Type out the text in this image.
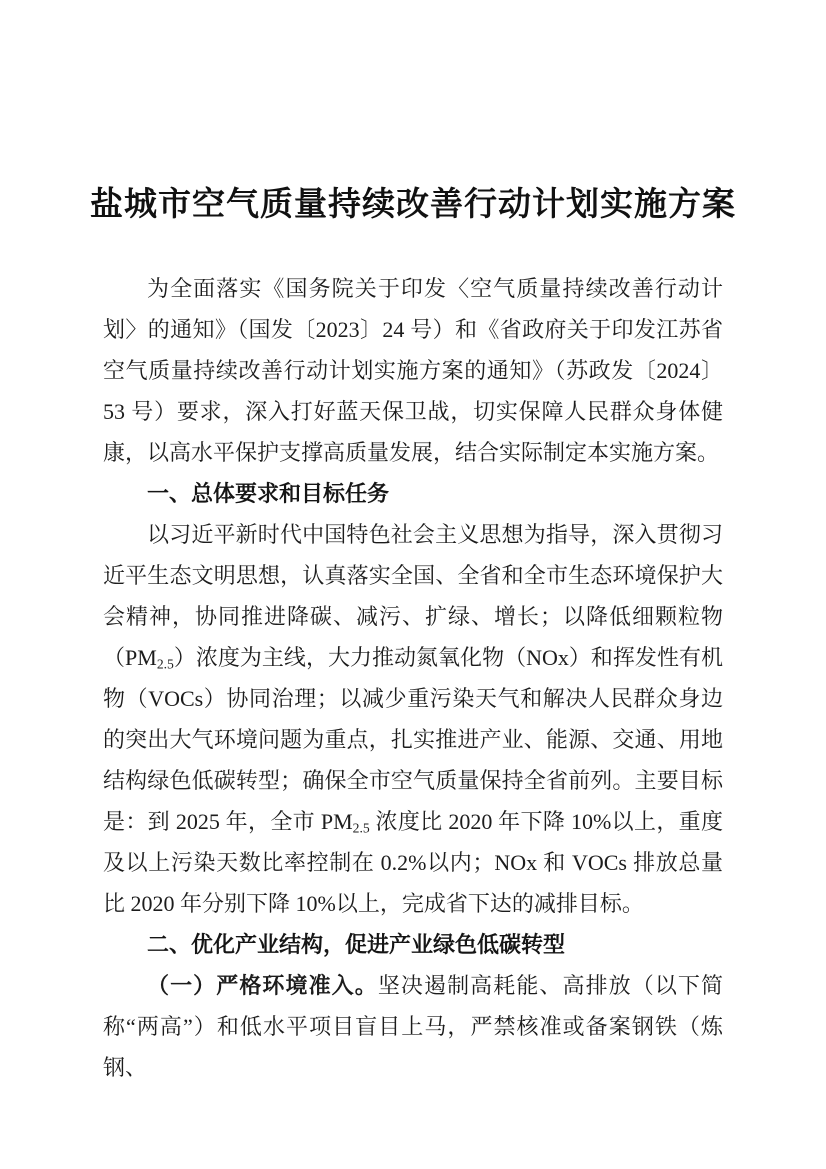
盐城市空气质量持续改善行动计划实施方案

为全面落实《国务院关于印发〈空气质量持续改善行动计划〉的通知》（国发〔2023〕24 号）和《省政府关于印发江苏省空气质量持续改善行动计划实施方案的通知》（苏政发〔2024〕53 号）要求，深入打好蓝天保卫战，切实保障人民群众身体健康，以高水平保护支撑高质量发展，结合实际制定本实施方案。

一、总体要求和目标任务

以习近平新时代中国特色社会主义思想为指导，深入贯彻习近平生态文明思想，认真落实全国、全省和全市生态环境保护大会精神，协同推进降碳、减污、扩绿、增长；以降低细颗粒物$(PM_{2.5})$浓度为主线，大力推动氮氧化物（NOx）和挥发性有机物（VOCs）协同治理；以减少重污染天气和解决人民群众身边的突出大气环境问题为重点，扎实推进产业、能源、交通、用地结构绿色低碳转型；确保全市空气质量保持全省前列。主要目标是：到 2025 年，全市 $PM_{2.5}$ 浓度比 2020 年下降 10%以上，重度及以上污染天数比率控制在 0.2%以内；NOx 和 VOCs 排放总量比 2020 年分别下降 10%以上，完成省下达的减排目标。

二、优化产业结构，促进产业绿色低碳转型

（一）严格环境准入。坚决遏制高耗能、高排放（以下简称“两高”）和低水平项目盲目上马，严禁核准或备案钢铁（炼钢、
